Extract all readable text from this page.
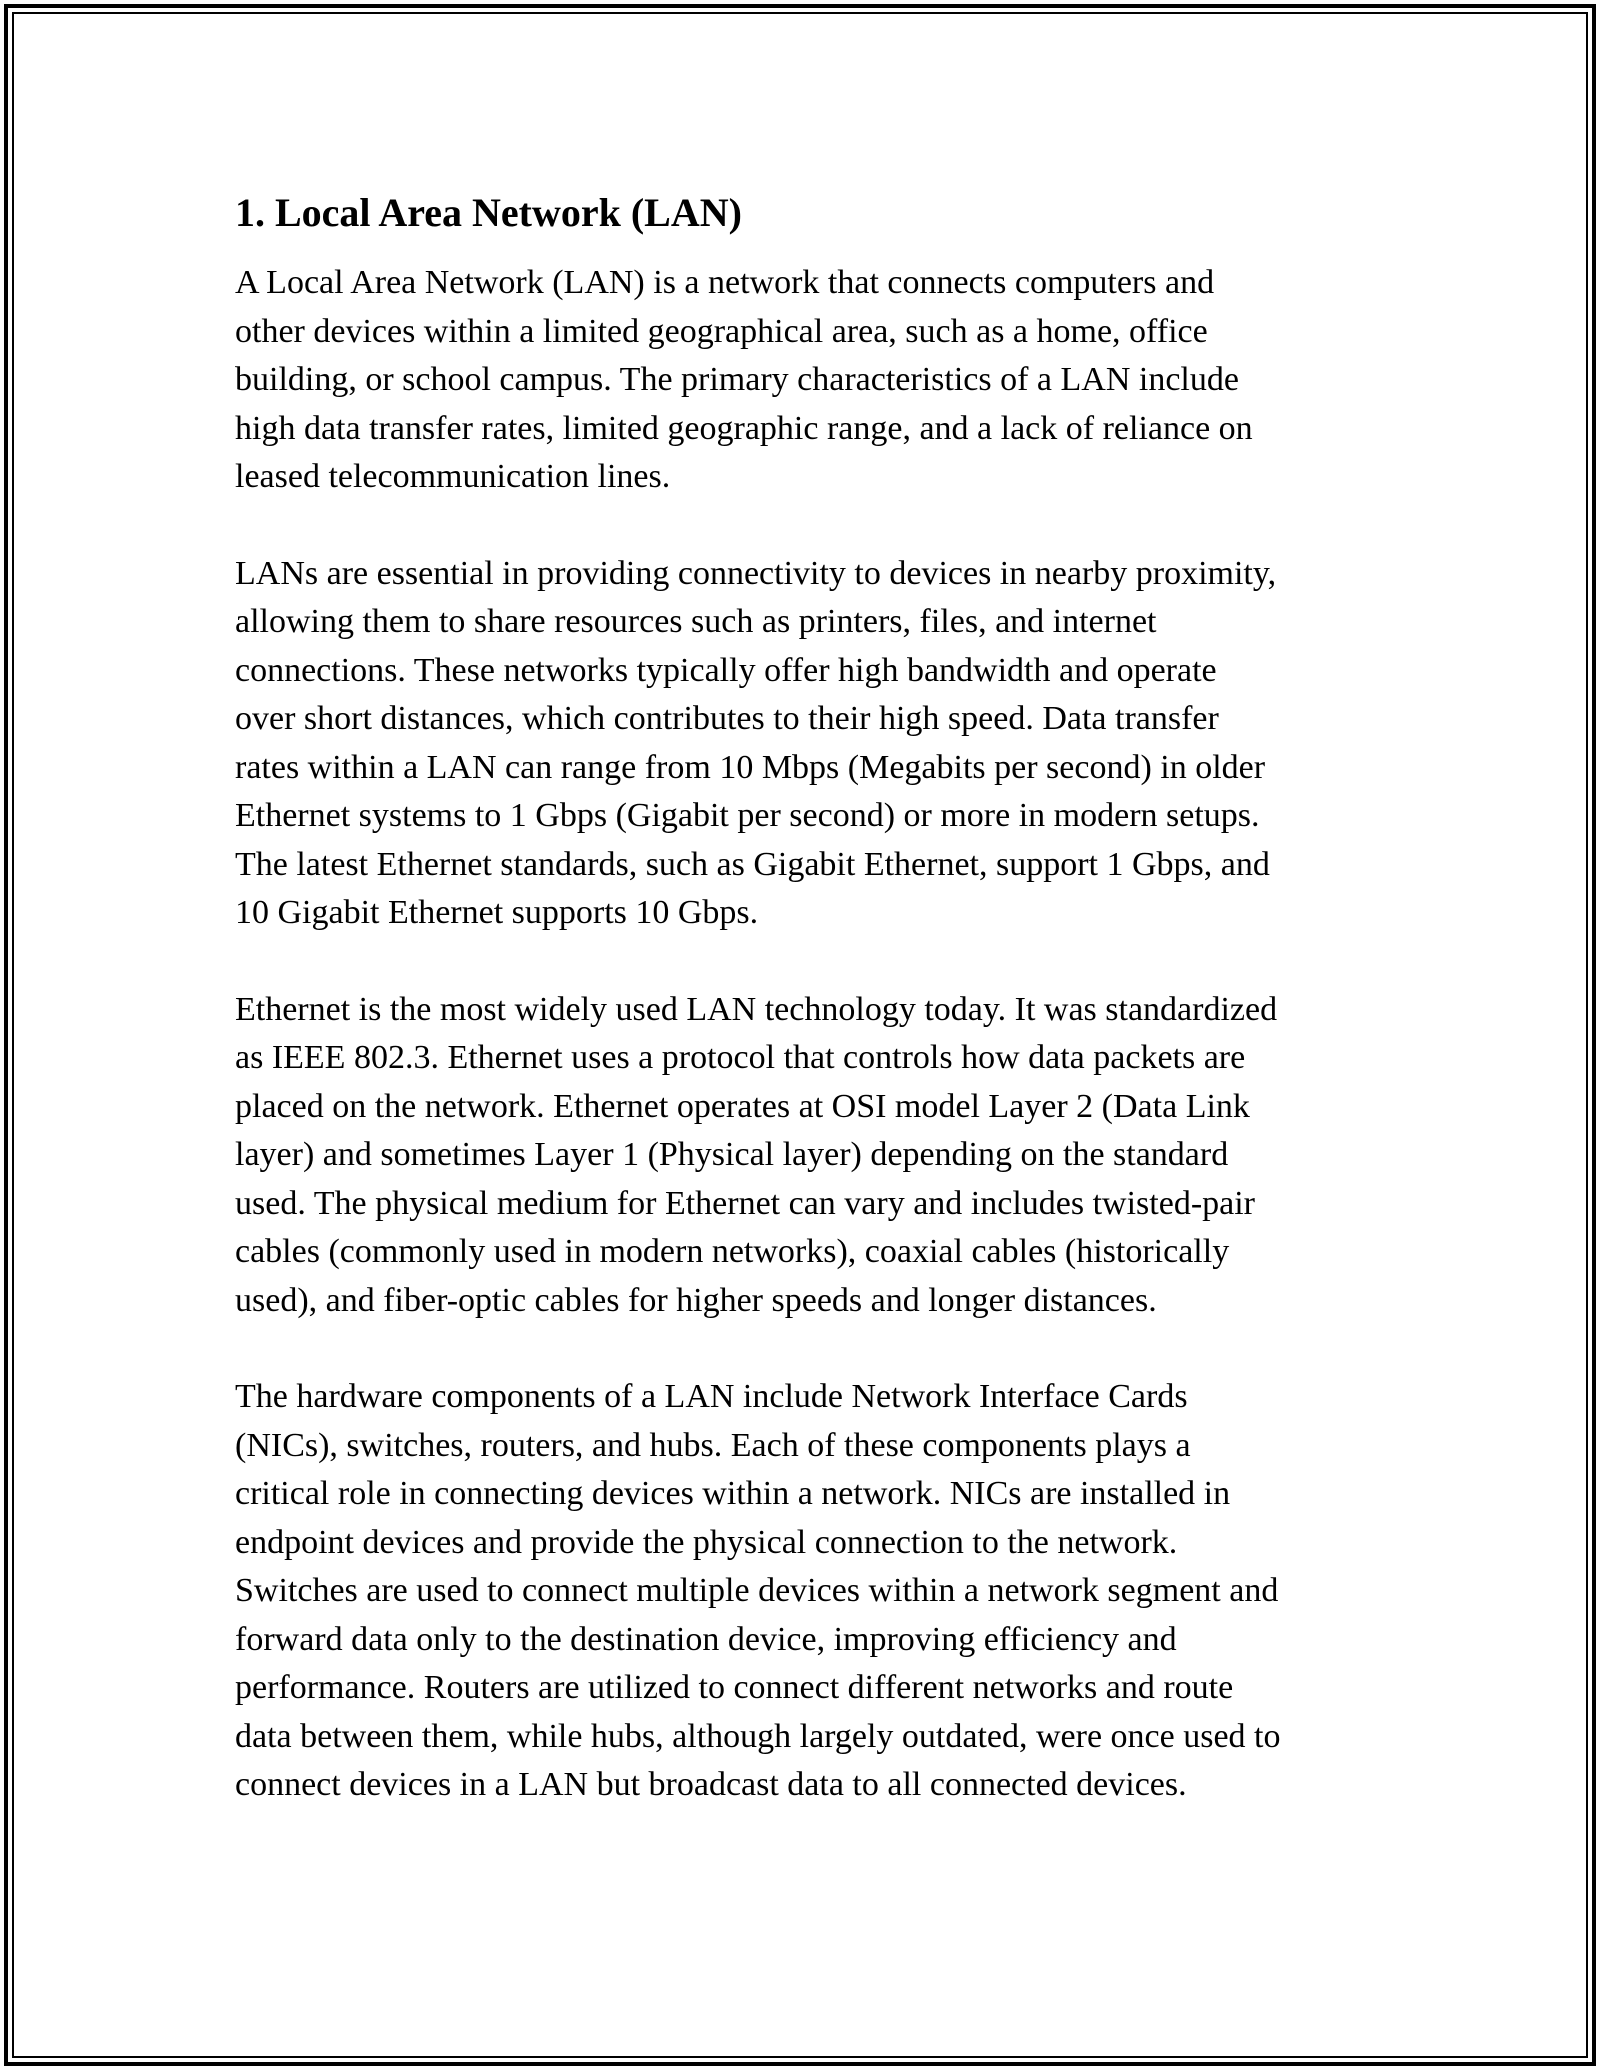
1. Local Area Network (LAN)

A Local Area Network (LAN) is a network that connects computers and
other devices within a limited geographical area, such as a home, office
building, or school campus. The primary characteristics of a LAN include
high data transfer rates, limited geographic range, and a lack of reliance on
leased telecommunication lines.

LANs are essential in providing connectivity to devices in nearby proximity,
allowing them to share resources such as printers, files, and internet
connections. These networks typically offer high bandwidth and operate
over short distances, which contributes to their high speed. Data transfer
rates within a LAN can range from 10 Mbps (Megabits per second) in older
Ethernet systems to 1 Gbps (Gigabit per second) or more in modern setups.
The latest Ethernet standards, such as Gigabit Ethernet, support 1 Gbps, and
10 Gigabit Ethernet supports 10 Gbps.

Ethernet is the most widely used LAN technology today. It was standardized
as IEEE 802.3. Ethernet uses a protocol that controls how data packets are
placed on the network. Ethernet operates at OSI model Layer 2 (Data Link
layer) and sometimes Layer 1 (Physical layer) depending on the standard
used. The physical medium for Ethernet can vary and includes twisted-pair
cables (commonly used in modern networks), coaxial cables (historically
used), and fiber-optic cables for higher speeds and longer distances.

The hardware components of a LAN include Network Interface Cards
(NICs), switches, routers, and hubs. Each of these components plays a
critical role in connecting devices within a network. NICs are installed in
endpoint devices and provide the physical connection to the network.
Switches are used to connect multiple devices within a network segment and
forward data only to the destination device, improving efficiency and
performance. Routers are utilized to connect different networks and route
data between them, while hubs, although largely outdated, were once used to
connect devices in a LAN but broadcast data to all connected devices.
